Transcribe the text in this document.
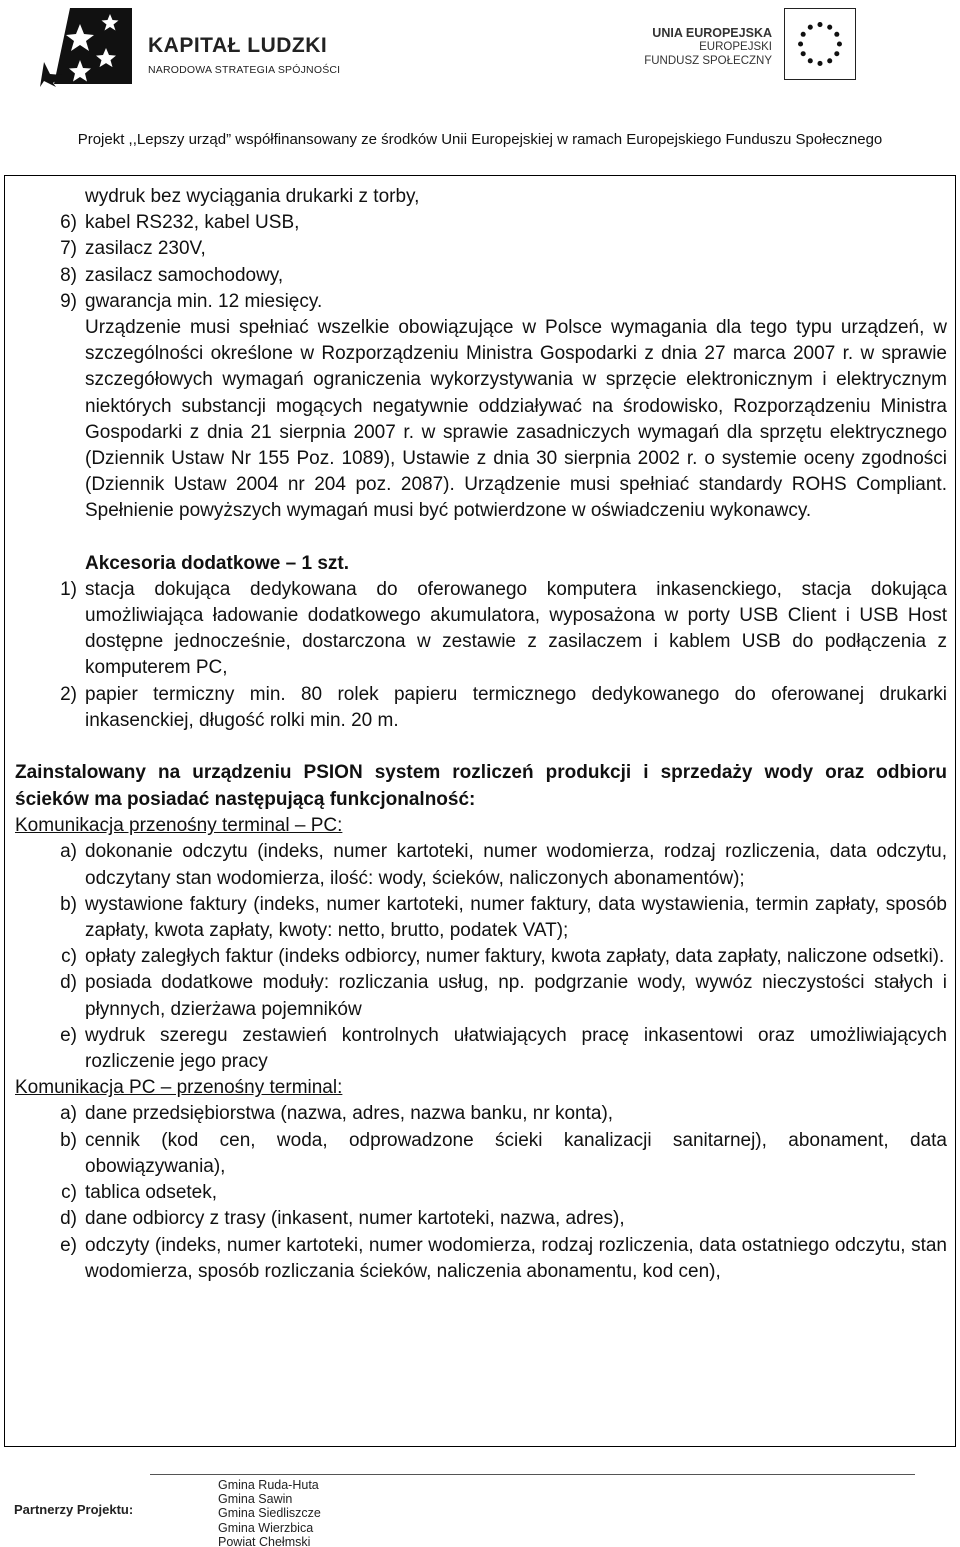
KAPITAŁ LUDZKI
NARODOWA STRATEGIA SPÓJNOŚCI
UNIA EUROPEJSKA
EUROPEJSKI
FUNDUSZ SPOŁECZNY
Projekt ,,Lepszy urząd” współfinansowany ze środków Unii Europejskiej w ramach Europejskiego Funduszu Społecznego
wydruk bez wyciągania drukarki z torby,
6) kabel RS232, kabel USB,
7) zasilacz 230V,
8) zasilacz samochodowy,
9) gwarancja min. 12 miesięcy.
Urządzenie musi spełniać wszelkie obowiązujące w Polsce wymagania dla tego typu urządzeń, w szczególności określone w Rozporządzeniu Ministra Gospodarki z dnia 27 marca 2007 r. w sprawie szczegółowych wymagań ograniczenia wykorzystywania w sprzęcie elektronicznym i elektrycznym niektórych substancji mogących negatywnie oddziaływać na środowisko, Rozporządzeniu Ministra Gospodarki z dnia 21 sierpnia 2007 r. w sprawie zasadniczych wymagań dla sprzętu elektrycznego (Dziennik Ustaw Nr 155 Poz. 1089), Ustawie z dnia 30 sierpnia 2002 r. o systemie oceny zgodności (Dziennik Ustaw 2004 nr 204 poz. 2087). Urządzenie musi spełniać standardy ROHS Compliant. Spełnienie powyższych wymagań musi być potwierdzone w oświadczeniu wykonawcy.
Akcesoria dodatkowe – 1 szt.
1) stacja dokująca dedykowana do oferowanego komputera inkasenckiego, stacja dokująca umożliwiająca ładowanie dodatkowego akumulatora, wyposażona w porty USB Client i USB Host dostępne jednocześnie, dostarczona w zestawie z zasilaczem i kablem USB do podłączenia z komputerem PC,
2) papier termiczny min. 80 rolek papieru termicznego dedykowanego do oferowanej drukarki inkasenckiej, długość rolki min. 20 m.
Zainstalowany na urządzeniu PSION system rozliczeń produkcji i sprzedaży wody oraz odbioru ścieków ma posiadać następującą funkcjonalność:
Komunikacja przenośny terminal – PC:
a) dokonanie odczytu (indeks, numer kartoteki, numer wodomierza, rodzaj rozliczenia, data odczytu, odczytany stan wodomierza, ilość: wody, ścieków, naliczonych abonamentów);
b) wystawione faktury (indeks, numer kartoteki, numer faktury, data wystawienia, termin zapłaty, sposób zapłaty, kwota zapłaty, kwoty: netto, brutto, podatek VAT);
c) opłaty zaległych faktur (indeks odbiorcy, numer faktury, kwota zapłaty, data zapłaty, naliczone odsetki).
d) posiada dodatkowe moduły: rozliczania usług, np. podgrzanie wody, wywóz nieczystości stałych i płynnych, dzierżawa pojemników
e) wydruk szeregu zestawień kontrolnych ułatwiających pracę inkasentowi oraz umożliwiających rozliczenie jego pracy
Komunikacja PC – przenośny terminal:
a) dane przedsiębiorstwa (nazwa, adres, nazwa banku, nr konta),
b) cennik (kod cen, woda, odprowadzone ścieki kanalizacji sanitarnej), abonament, data obowiązywania),
c) tablica odsetek,
d) dane odbiorcy z trasy (inkasent, numer kartoteki, nazwa, adres),
e) odczyty (indeks, numer kartoteki, numer wodomierza, rodzaj rozliczenia, data ostatniego odczytu, stan wodomierza, sposób rozliczania ścieków, naliczenia abonamentu, kod cen),
Partnerzy Projektu:
Gmina Ruda-Huta
Gmina Sawin
Gmina Siedliszcze
Gmina Wierzbica
Powiat Chełmski
